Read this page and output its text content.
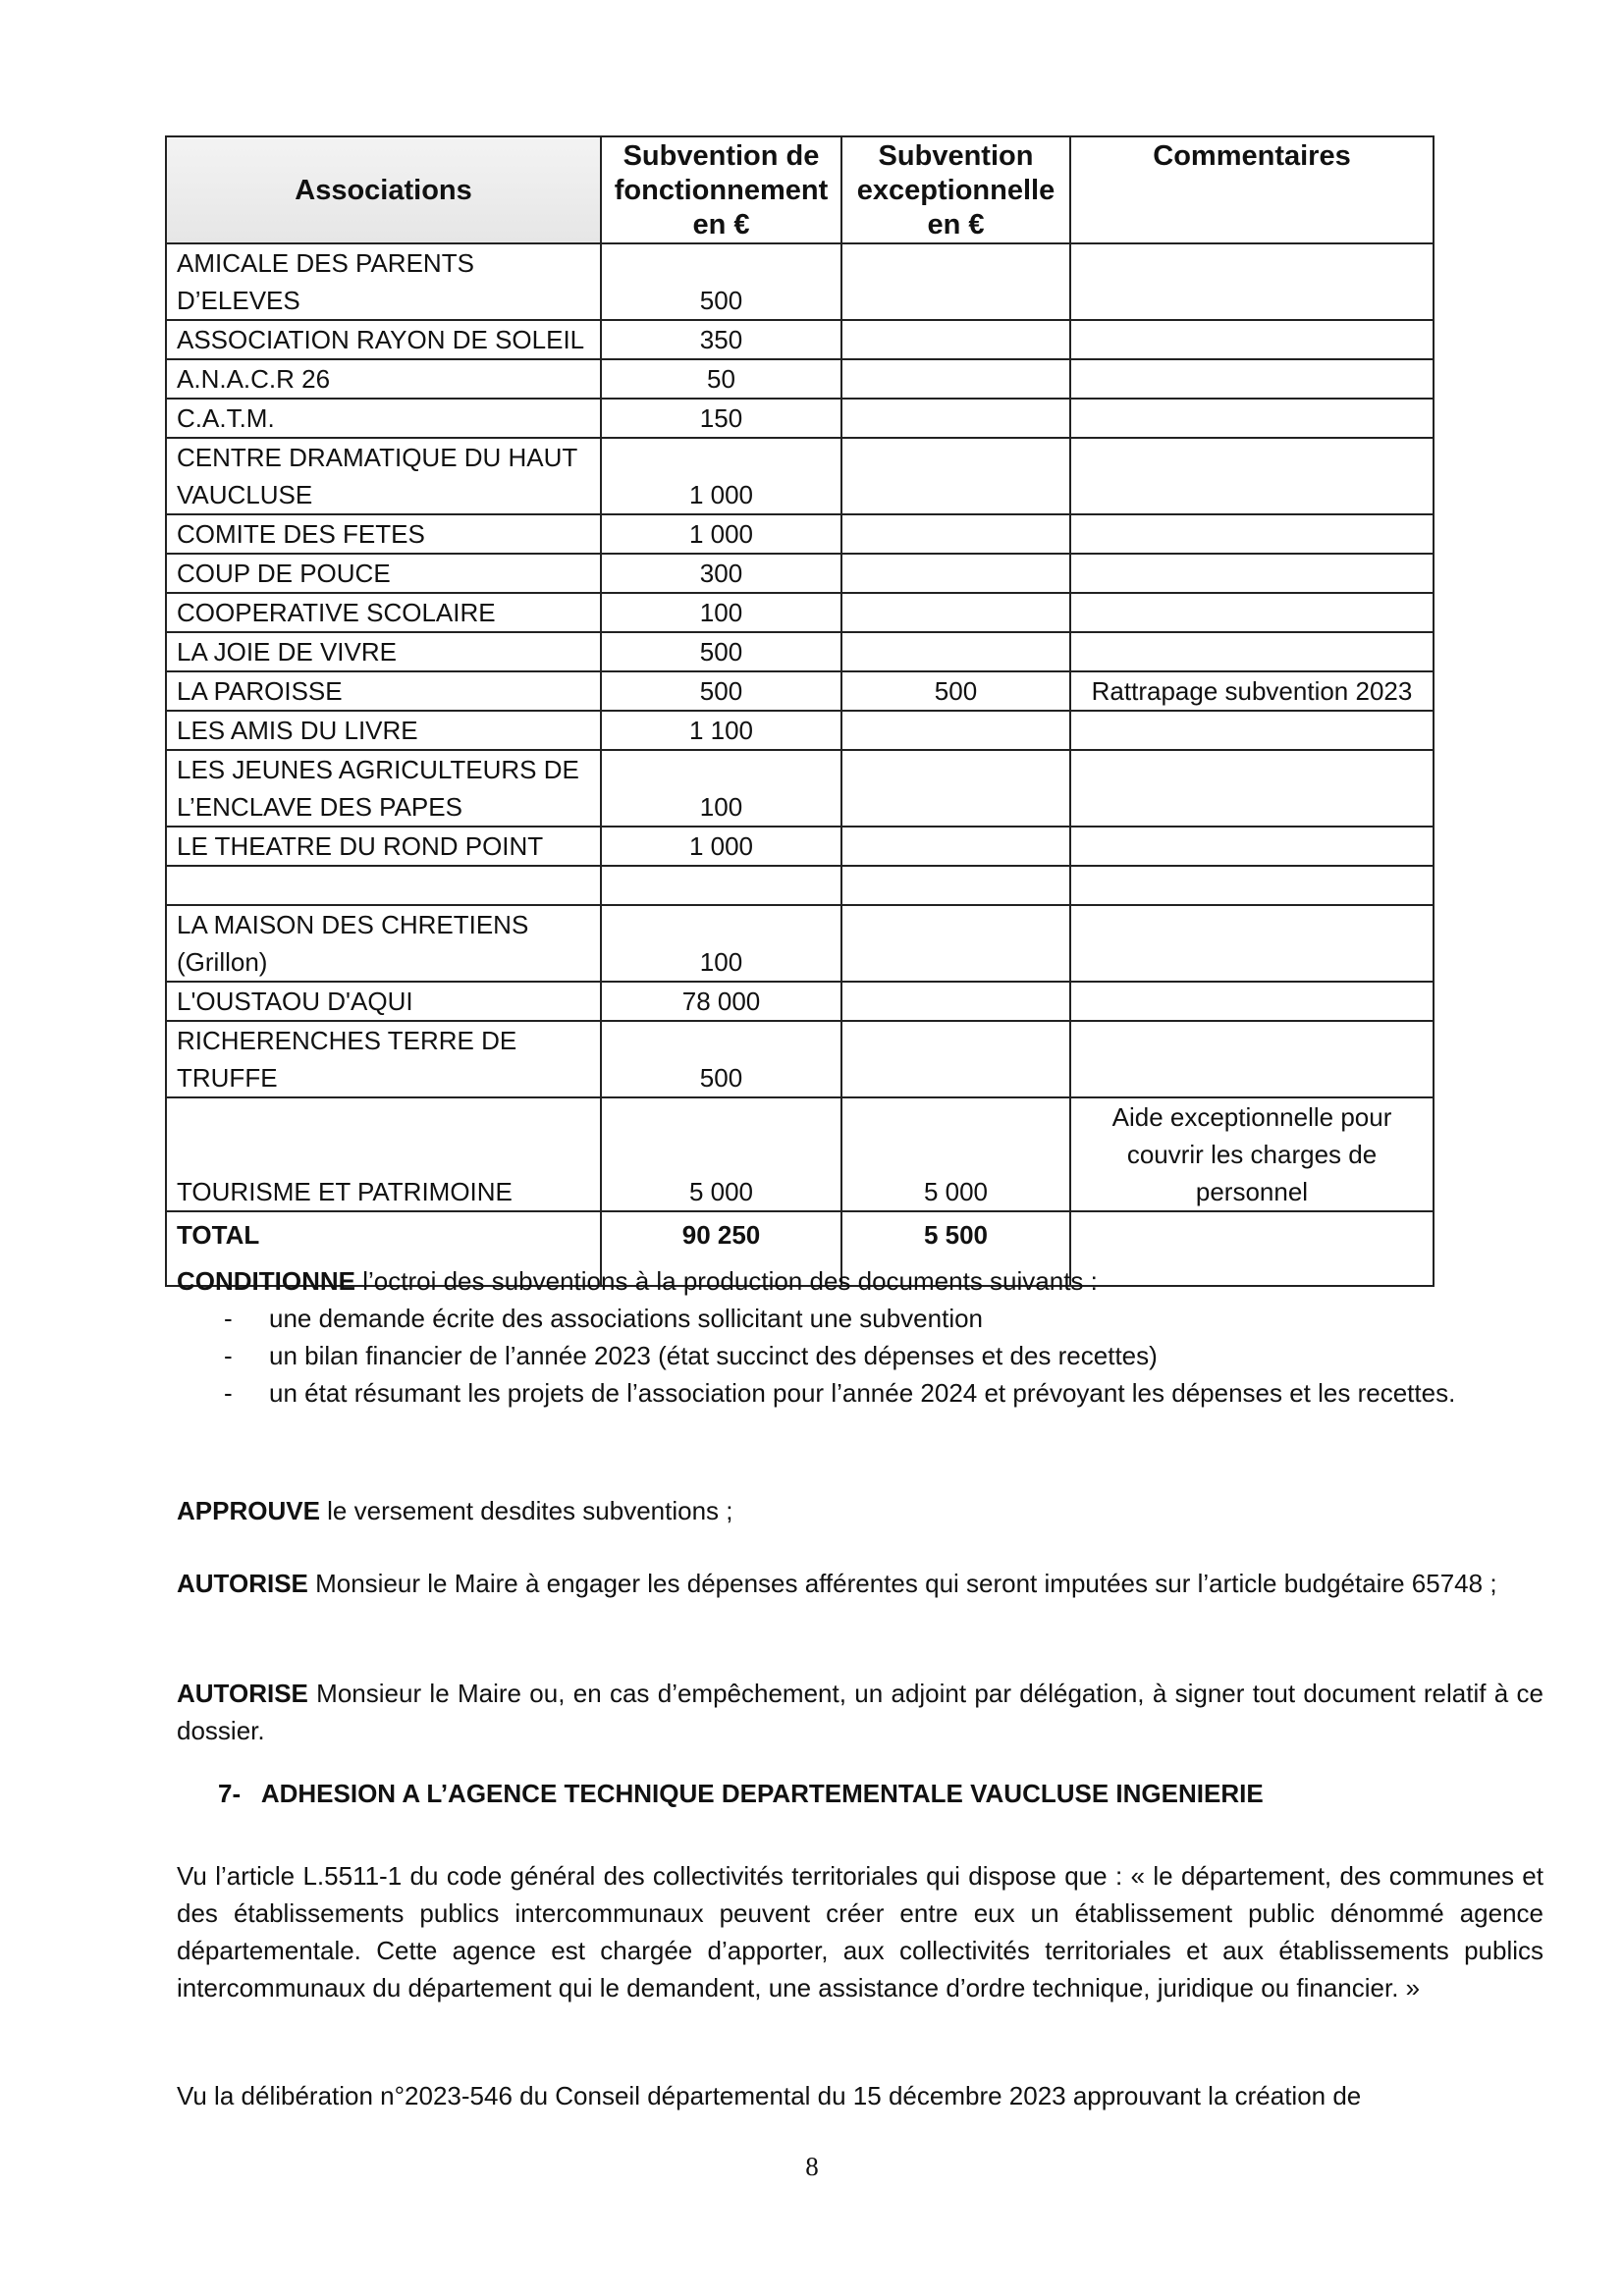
Associations	Subvention de fonctionnement en €	Subvention exceptionnelle en €	Commentaires
AMICALE DES PARENTS D’ELEVES	500		
ASSOCIATION RAYON DE SOLEIL	350		
A.N.A.C.R 26	50		
C.A.T.M.	150		
CENTRE DRAMATIQUE DU HAUT VAUCLUSE	1 000		
COMITE DES FETES	1 000		
COUP DE POUCE	300		
COOPERATIVE SCOLAIRE	100		
LA JOIE DE VIVRE	500		
LA PAROISSE	500	500	Rattrapage subvention 2023
LES AMIS DU LIVRE	1 100		
LES JEUNES AGRICULTEURS DE L’ENCLAVE DES PAPES	100		
LE THEATRE DU ROND POINT	1 000		

LA MAISON DES CHRETIENS (Grillon)	100		
L'OUSTAOU D'AQUI	78 000		
RICHERENCHES TERRE DE TRUFFE	500		
TOURISME ET PATRIMOINE	5 000	5 000	Aide exceptionnelle pour couvrir les charges de personnel
TOTAL	90 250	5 500	

CONDITIONNE l’octroi des subventions à la production des documents suivants :

- une demande écrite des associations sollicitant une subvention
- un bilan financier de l’année 2023 (état succinct des dépenses et des recettes)
- un état résumant les projets de l’association pour l’année 2024 et prévoyant les dépenses et les recettes.

APPROUVE le versement desdites subventions ;

AUTORISE Monsieur le Maire à engager les dépenses afférentes qui seront imputées sur l’article budgétaire 65748 ;

AUTORISE Monsieur le Maire ou, en cas d’empêchement, un adjoint par délégation, à signer tout document relatif à ce dossier.

7- ADHESION A L’AGENCE TECHNIQUE DEPARTEMENTALE VAUCLUSE INGENIERIE

Vu l’article L.5511-1 du code général des collectivités territoriales qui dispose que : « le département, des communes et des établissements publics intercommunaux peuvent créer entre eux un établissement public dénommé agence départementale. Cette agence est chargée d’apporter, aux collectivités territoriales et aux établissements publics intercommunaux du département qui le demandent, une assistance d’ordre technique, juridique ou financier. »

Vu la délibération n°2023-546 du Conseil départemental du 15 décembre 2023 approuvant la création de

8
